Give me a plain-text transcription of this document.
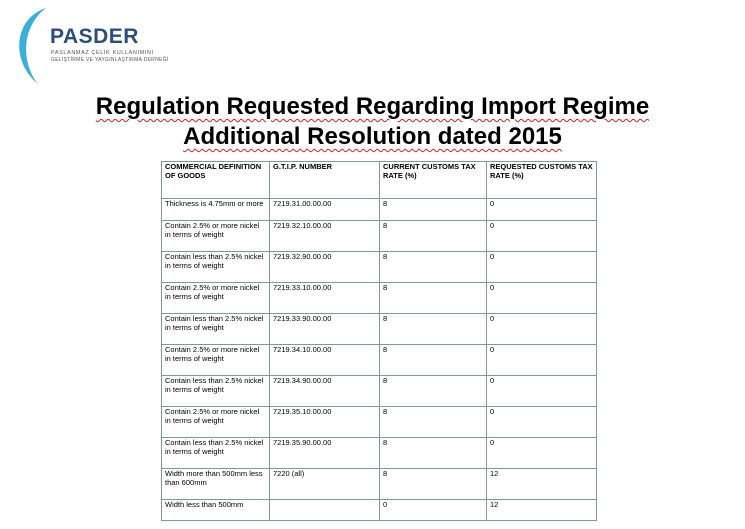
PASDER
PASLANMAZ ÇELİK KULLANIMINI
GELİŞTİRME VE YAYGINLAŞTIRMA DERNEĞİ
Regulation Requested Regarding Import Regime
Additional Resolution dated 2015
COMMERCIAL DEFINITION OF GOODS	G.T.I.P. NUMBER	CURRENT CUSTOMS TAX RATE (%)	REQUESTED CUSTOMS TAX RATE (%)
Thickness is 4.75mm or more	7219.31.00.00.00	8	0
Contain 2.5% or more nickel in terms of weight	7219.32.10.00.00	8	0
Contain less than 2.5% nickel in terms of weight	7219.32.90.00.00	8	0
Contain 2.5% or more nickel in terms of weight	7219.33.10.00.00	8	0
Contain less than 2.5% nickel in terms of weight	7219.33.90.00.00	8	0
Contain 2.5% or more nickel in terms of weight	7219.34.10.00.00	8	0
Contain less than 2.5% nickel in terms of weight	7219.34.90.00.00	8	0
Contain 2.5% or more nickel in terms of weight	7219.35.10.00.00	8	0
Contain less than 2.5% nickel in terms of weight	7219.35.90.00.00	8	0
Width more than 500mm less than 600mm	7220 (all)	8	12
Width less than 500mm		0	12
